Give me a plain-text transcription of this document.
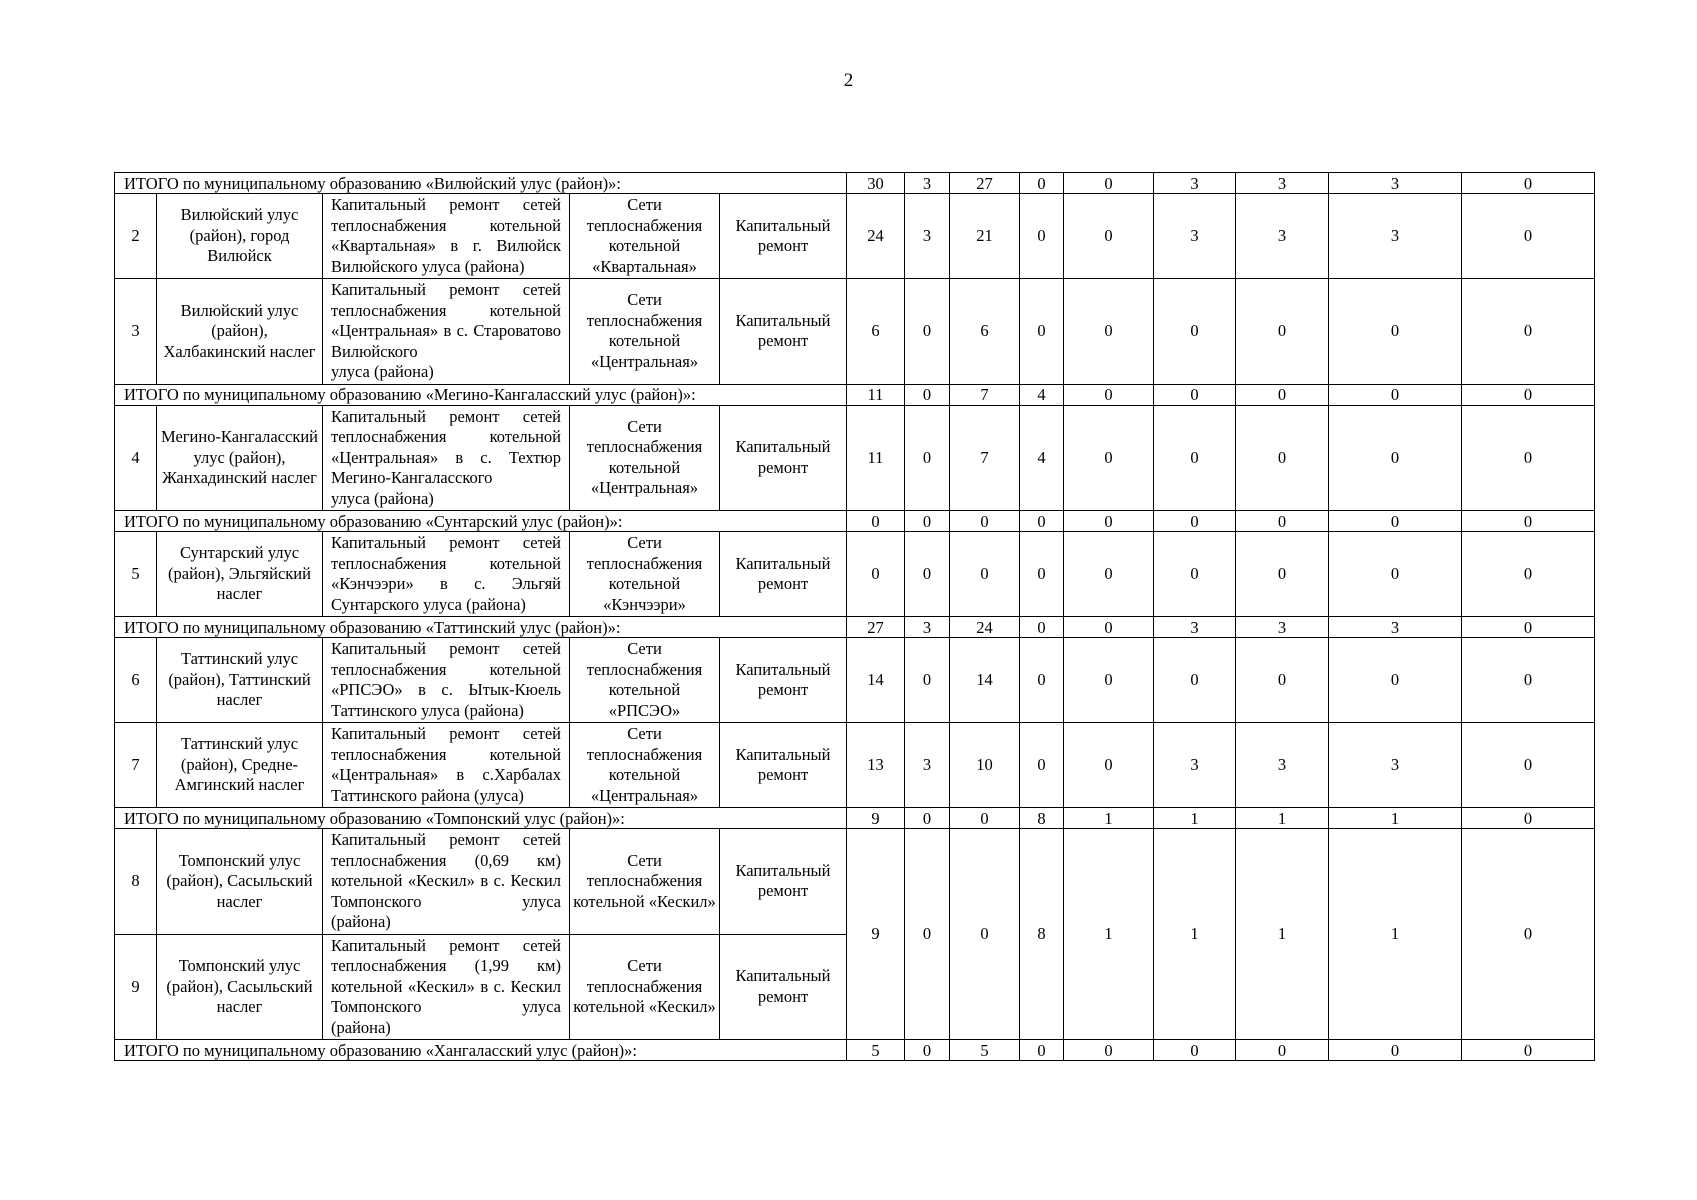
2
ИТОГО по муниципальному образованию «Вилюйский улус (район)»:					30	3	27	0	0	3	3	3	0
2	Вилюйский улус (район), город Вилюйск	Капитальный ремонт сетей теплоснабжения котельной «Квартальная» в г. Вилюйск
Вилюйского улуса (района)	Сети теплоснабжения котельной «Квартальная»	Капитальный ремонт	24	3	21	0	0	3	3	3	0
3	Вилюйский улус (район), Халбакинский наслег	Капитальный ремонт сетей теплоснабжения котельной «Центральная» в с. Староватово Вилюйского
улуса (района)	Сети теплоснабжения котельной «Центральная»	Капитальный ремонт	6	0	6	0	0	0	0	0	0
ИТОГО по муниципальному образованию «Мегино-Кангаласский улус (район)»:					11	0	7	4	0	0	0	0	0
4	Мегино-Кангаласский улус (район), Жанхадинский наслег	Капитальный ремонт сетей теплоснабжения котельной «Центральная» в с. Техтюр Мегино-Кангаласского
улуса (района)	Сети теплоснабжения котельной «Центральная»	Капитальный ремонт	11	0	7	4	0	0	0	0	0
ИТОГО по муниципальному образованию «Сунтарский улус (район)»:					0	0	0	0	0	0	0	0	0
5	Сунтарский улус (район), Эльгяйский наслег	Капитальный ремонт сетей теплоснабжения котельной «Кэнчээри» в с. Эльгяй
Сунтарского улуса (района)	Сети теплоснабжения котельной «Кэнчээри»	Капитальный ремонт	0	0	0	0	0	0	0	0	0
ИТОГО по муниципальному образованию «Таттинский улус (район)»:					27	3	24	0	0	3	3	3	0
6	Таттинский улус (район), Таттинский наслег	Капитальный ремонт сетей теплоснабжения котельной «РПСЭО» в с. Ытык-Кюель
Таттинского улуса (района)	Сети теплоснабжения котельной «РПСЭО»	Капитальный ремонт	14	0	14	0	0	0	0	0	0
7	Таттинский улус (район), Средне-Амгинский наслег	Капитальный ремонт сетей теплоснабжения котельной «Центральная» в с.Харбалах
Таттинского района (улуса)	Сети теплоснабжения котельной «Центральная»	Капитальный ремонт	13	3	10	0	0	3	3	3	0
ИТОГО по муниципальному образованию «Томпонский улус (район)»:					9	0	0	8	1	1	1	1	0
8	Томпонский улус (район), Сасыльский наслег	Капитальный ремонт сетей теплоснабжения (0,69 км) котельной «Кескил» в с. Кескил Томпонского улуса
(района)	Сети теплоснабжения котельной «Кескил»	Капитальный ремонт	9	0	0	8	1	1	1	1	0
9	Томпонский улус (район), Сасыльский наслег	Капитальный ремонт сетей теплоснабжения (1,99 км) котельной «Кескил» в с. Кескил Томпонского улуса
(района)	Сети теплоснабжения котельной «Кескил»	Капитальный ремонт									
ИТОГО по муниципальному образованию «Хангаласский улус (район)»:					5	0	5	0	0	0	0	0	0
